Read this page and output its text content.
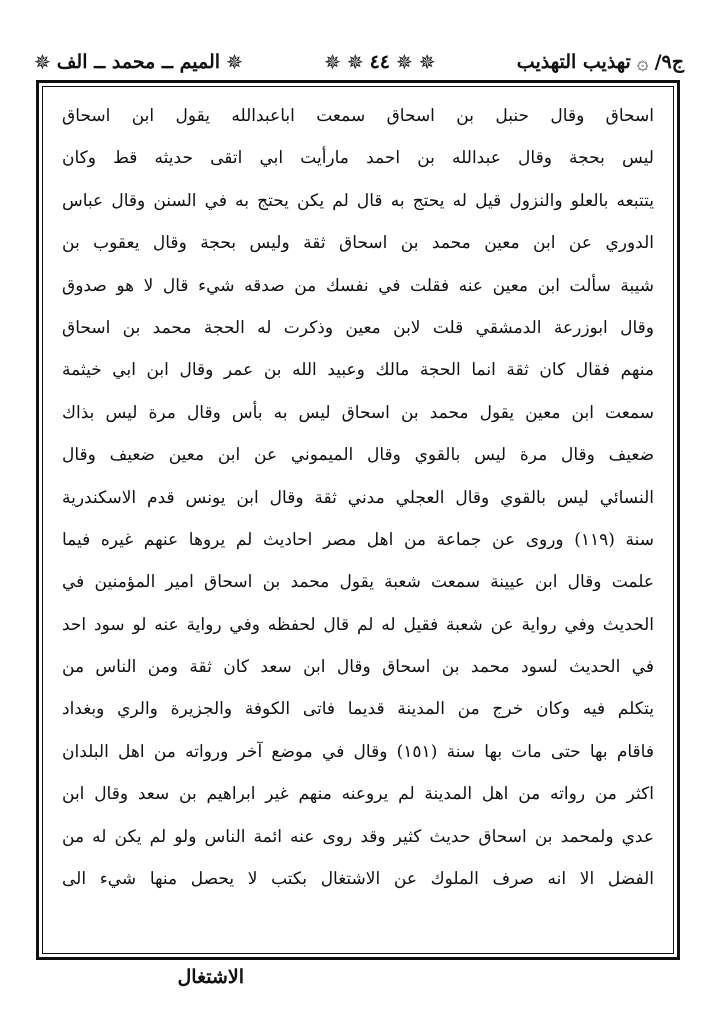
ج٩/
۞
تهذيب التهذيب
✵
✵
٤٤
✵
✵
✵
الميم ــ محمد ــ الف
✵
اسحاق وقال حنبل بن اسحاق سمعت اباعبدالله يقول ابن اسحاق
ليس بحجة وقال عبدالله بن احمد مارأيت ابي اتقى حديثه قط وكان
يتتبعه بالعلو والنزول قيل له يحتج به قال لم يكن يحتج به في السنن وقال عباس
الدوري عن ابن معين محمد بن اسحاق ثقة وليس بحجة وقال يعقوب بن
شيبة سألت ابن معين عنه فقلت في نفسك من صدقه شيء قال لا هو صدوق
وقال ابوزرعة الدمشقي قلت لابن معين وذكرت له الحجة محمد بن اسحاق
منهم فقال كان ثقة انما الحجة مالك وعبيد الله بن عمر وقال ابن ابي خيثمة
سمعت ابن معين يقول محمد بن اسحاق ليس به بأس وقال مرة ليس بذاك
ضعيف وقال مرة ليس بالقوي وقال الميموني عن ابن معين ضعيف وقال
النسائي ليس بالقوي وقال العجلي مدني ثقة وقال ابن يونس قدم الاسكندرية
سنة (١١٩) وروى عن جماعة من اهل مصر احاديث لم يروها عنهم غيره فيما
علمت وقال ابن عيينة سمعت شعبة يقول محمد بن اسحاق امير المؤمنين في
الحديث وفي رواية عن شعبة فقيل له لم قال لحفظه وفي رواية عنه لو سود احد
في الحديث لسود محمد بن اسحاق وقال ابن سعد كان ثقة ومن الناس من
يتكلم فيه وكان خرج من المدينة قديما فاتى الكوفة والجزيرة والري وبغداد
فاقام بها حتى مات بها سنة (١٥١) وقال في موضع آخر ورواته من اهل البلدان
اكثر من رواته من اهل المدينة لم يروعنه منهم غير ابراهيم بن سعد وقال ابن
عدي ولمحمد بن اسحاق حديث كثير وقد روى عنه ائمة الناس ولو لم يكن له من
الفضل الا انه صرف الملوك عن الاشتغال بكتب لا يحصل منها شيء الى
الاشتغال
